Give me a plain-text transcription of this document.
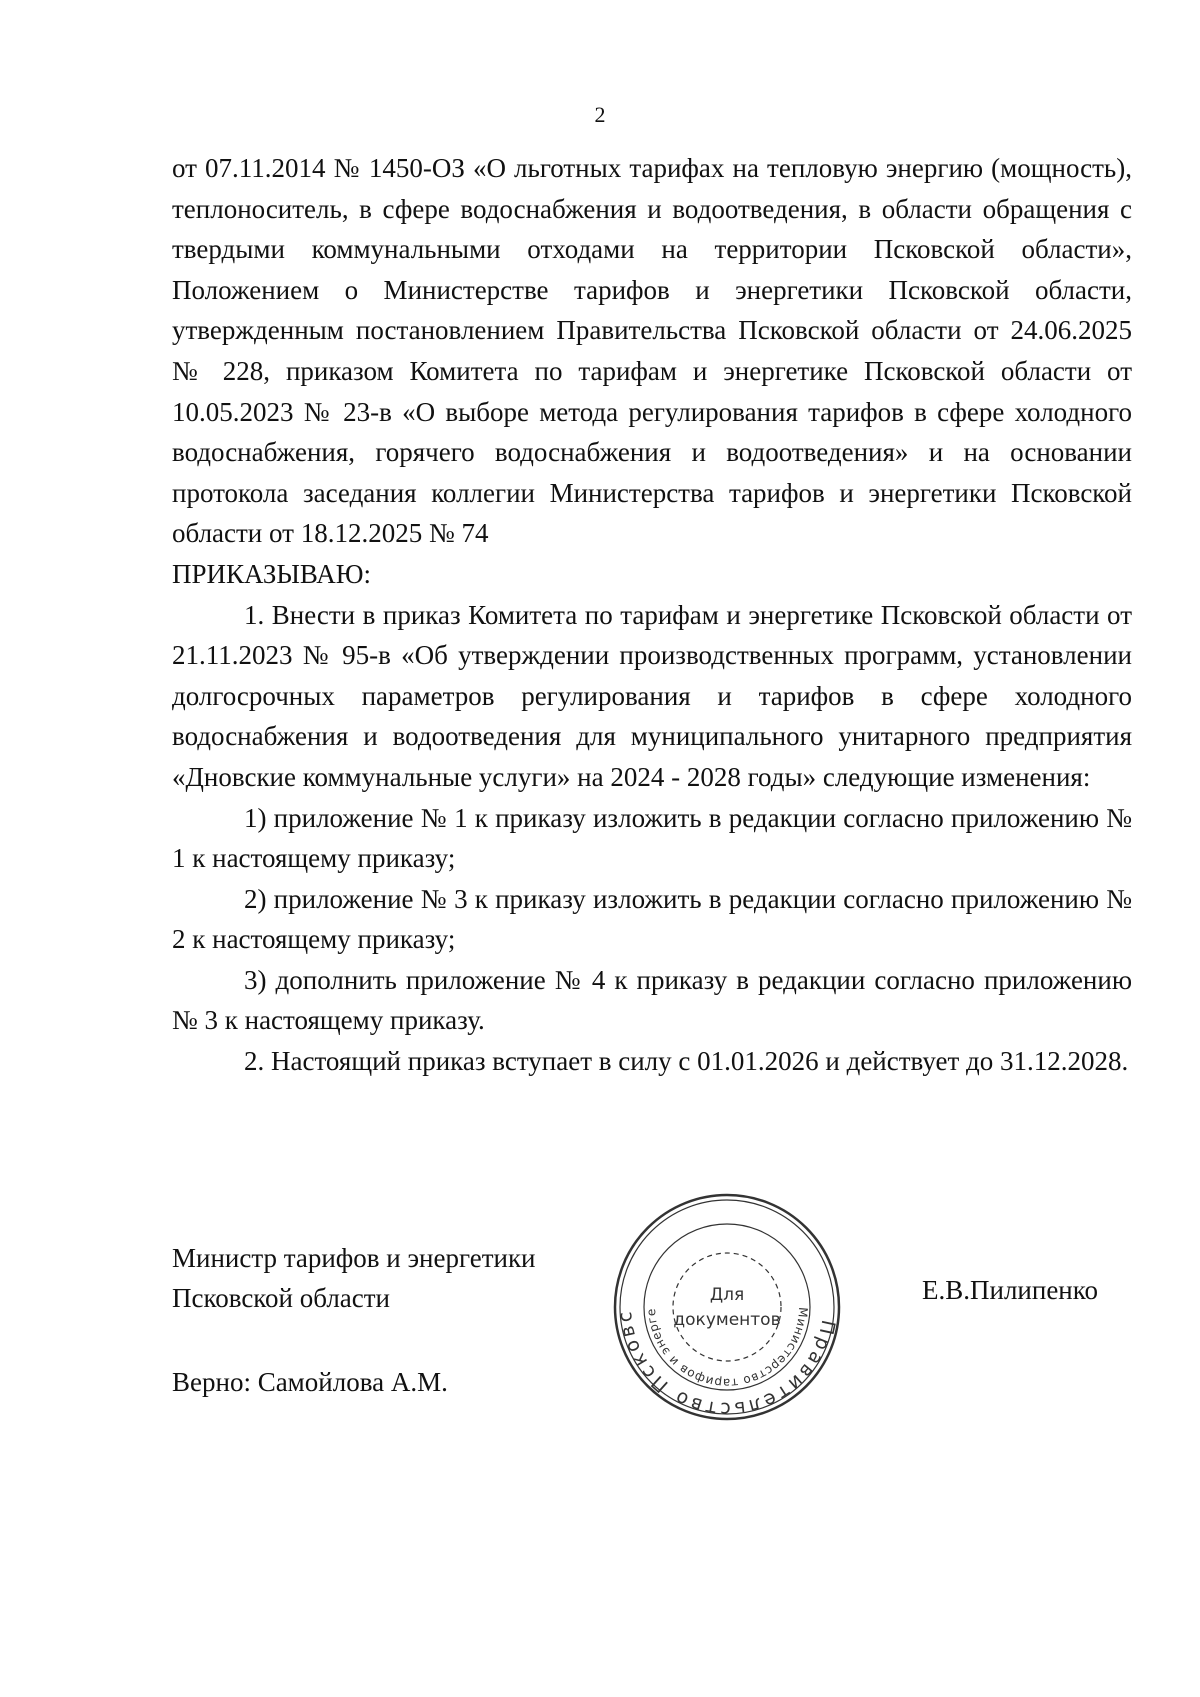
2

от 07.11.2014 № 1450-ОЗ «О льготных тарифах на тепловую энергию (мощность), теплоноситель, в сфере водоснабжения и водоотведения, в области обращения с твердыми коммунальными отходами на территории Псковской области», Положением о Министерстве тарифов и энергетики Псковской области, утвержденным постановлением Правительства Псковской области от 24.06.2025 № 228, приказом Комитета по тарифам и энергетике Псковской области от 10.05.2023 № 23-в «О выборе метода регулирования тарифов в сфере холодного водоснабжения, горячего водоснабжения и водоотведения» и на основании протокола заседания коллегии Министерства тарифов и энергетики Псковской области от 18.12.2025 № 74

ПРИКАЗЫВАЮ:

1. Внести в приказ Комитета по тарифам и энергетике Псковской области от 21.11.2023 № 95-в «Об утверждении производственных программ, установлении долгосрочных параметров регулирования и тарифов в сфере холодного водоснабжения и водоотведения для муниципального унитарного предприятия «Дновские коммунальные услуги» на 2024 - 2028 годы» следующие изменения:

1) приложение № 1 к приказу изложить в редакции согласно приложению № 1 к настоящему приказу;

2) приложение № 3 к приказу изложить в редакции согласно приложению № 2 к настоящему приказу;

3) дополнить приложение № 4 к приказу в редакции согласно приложению № 3 к настоящему приказу.

2. Настоящий приказ вступает в силу с 01.01.2026 и действует до 31.12.2028.

Министр тарифов и энергетики
Псковской области
Правительство Псковс	Министерство тарифов и энерге
Для
документов
Е.В.Пилипенко
Верно: Самойлова А.М.
